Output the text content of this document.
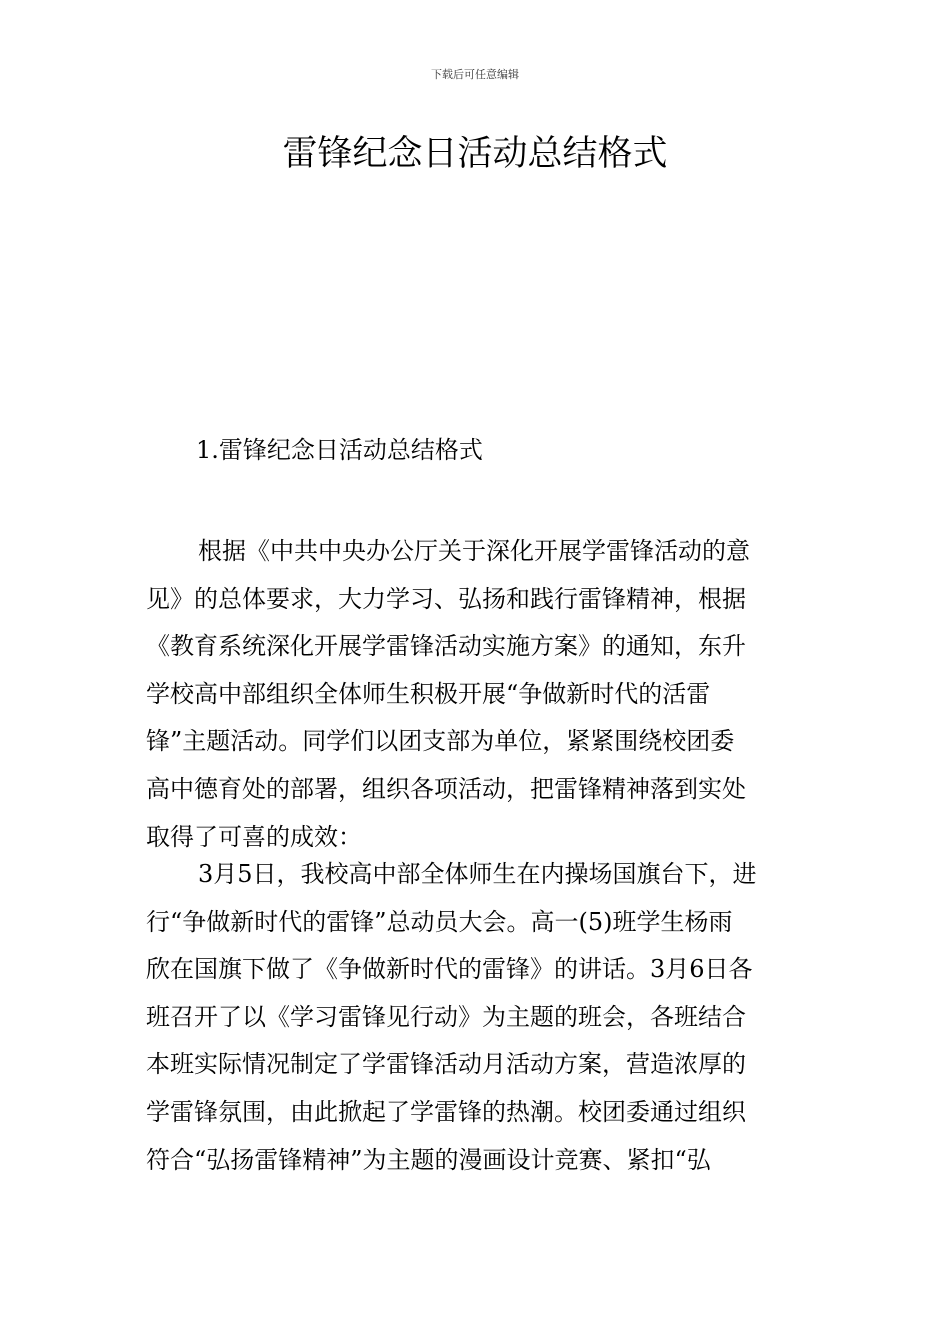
下载后可任意编辑
雷锋纪念日活动总结格式
1.雷锋纪念日活动总结格式
根据《中共中央办公厅关于深化开展学雷锋活动的意
见》的总体要求，大力学习、弘扬和践行雷锋精神，根据
《教育系统深化开展学雷锋活动实施方案》的通知，东升
学校高中部组织全体师生积极开展“争做新时代的活雷
锋”主题活动。同学们以团支部为单位，紧紧围绕校团委
高中德育处的部署，组织各项活动，把雷锋精神落到实处
取得了可喜的成效：
3月5日，我校高中部全体师生在内操场国旗台下，进
行“争做新时代的雷锋”总动员大会。高一(5)班学生杨雨
欣在国旗下做了《争做新时代的雷锋》的讲话。3月6日各
班召开了以《学习雷锋见行动》为主题的班会，各班结合
本班实际情况制定了学雷锋活动月活动方案，营造浓厚的
学雷锋氛围，由此掀起了学雷锋的热潮。校团委通过组织
符合“弘扬雷锋精神”为主题的漫画设计竞赛、紧扣“弘
